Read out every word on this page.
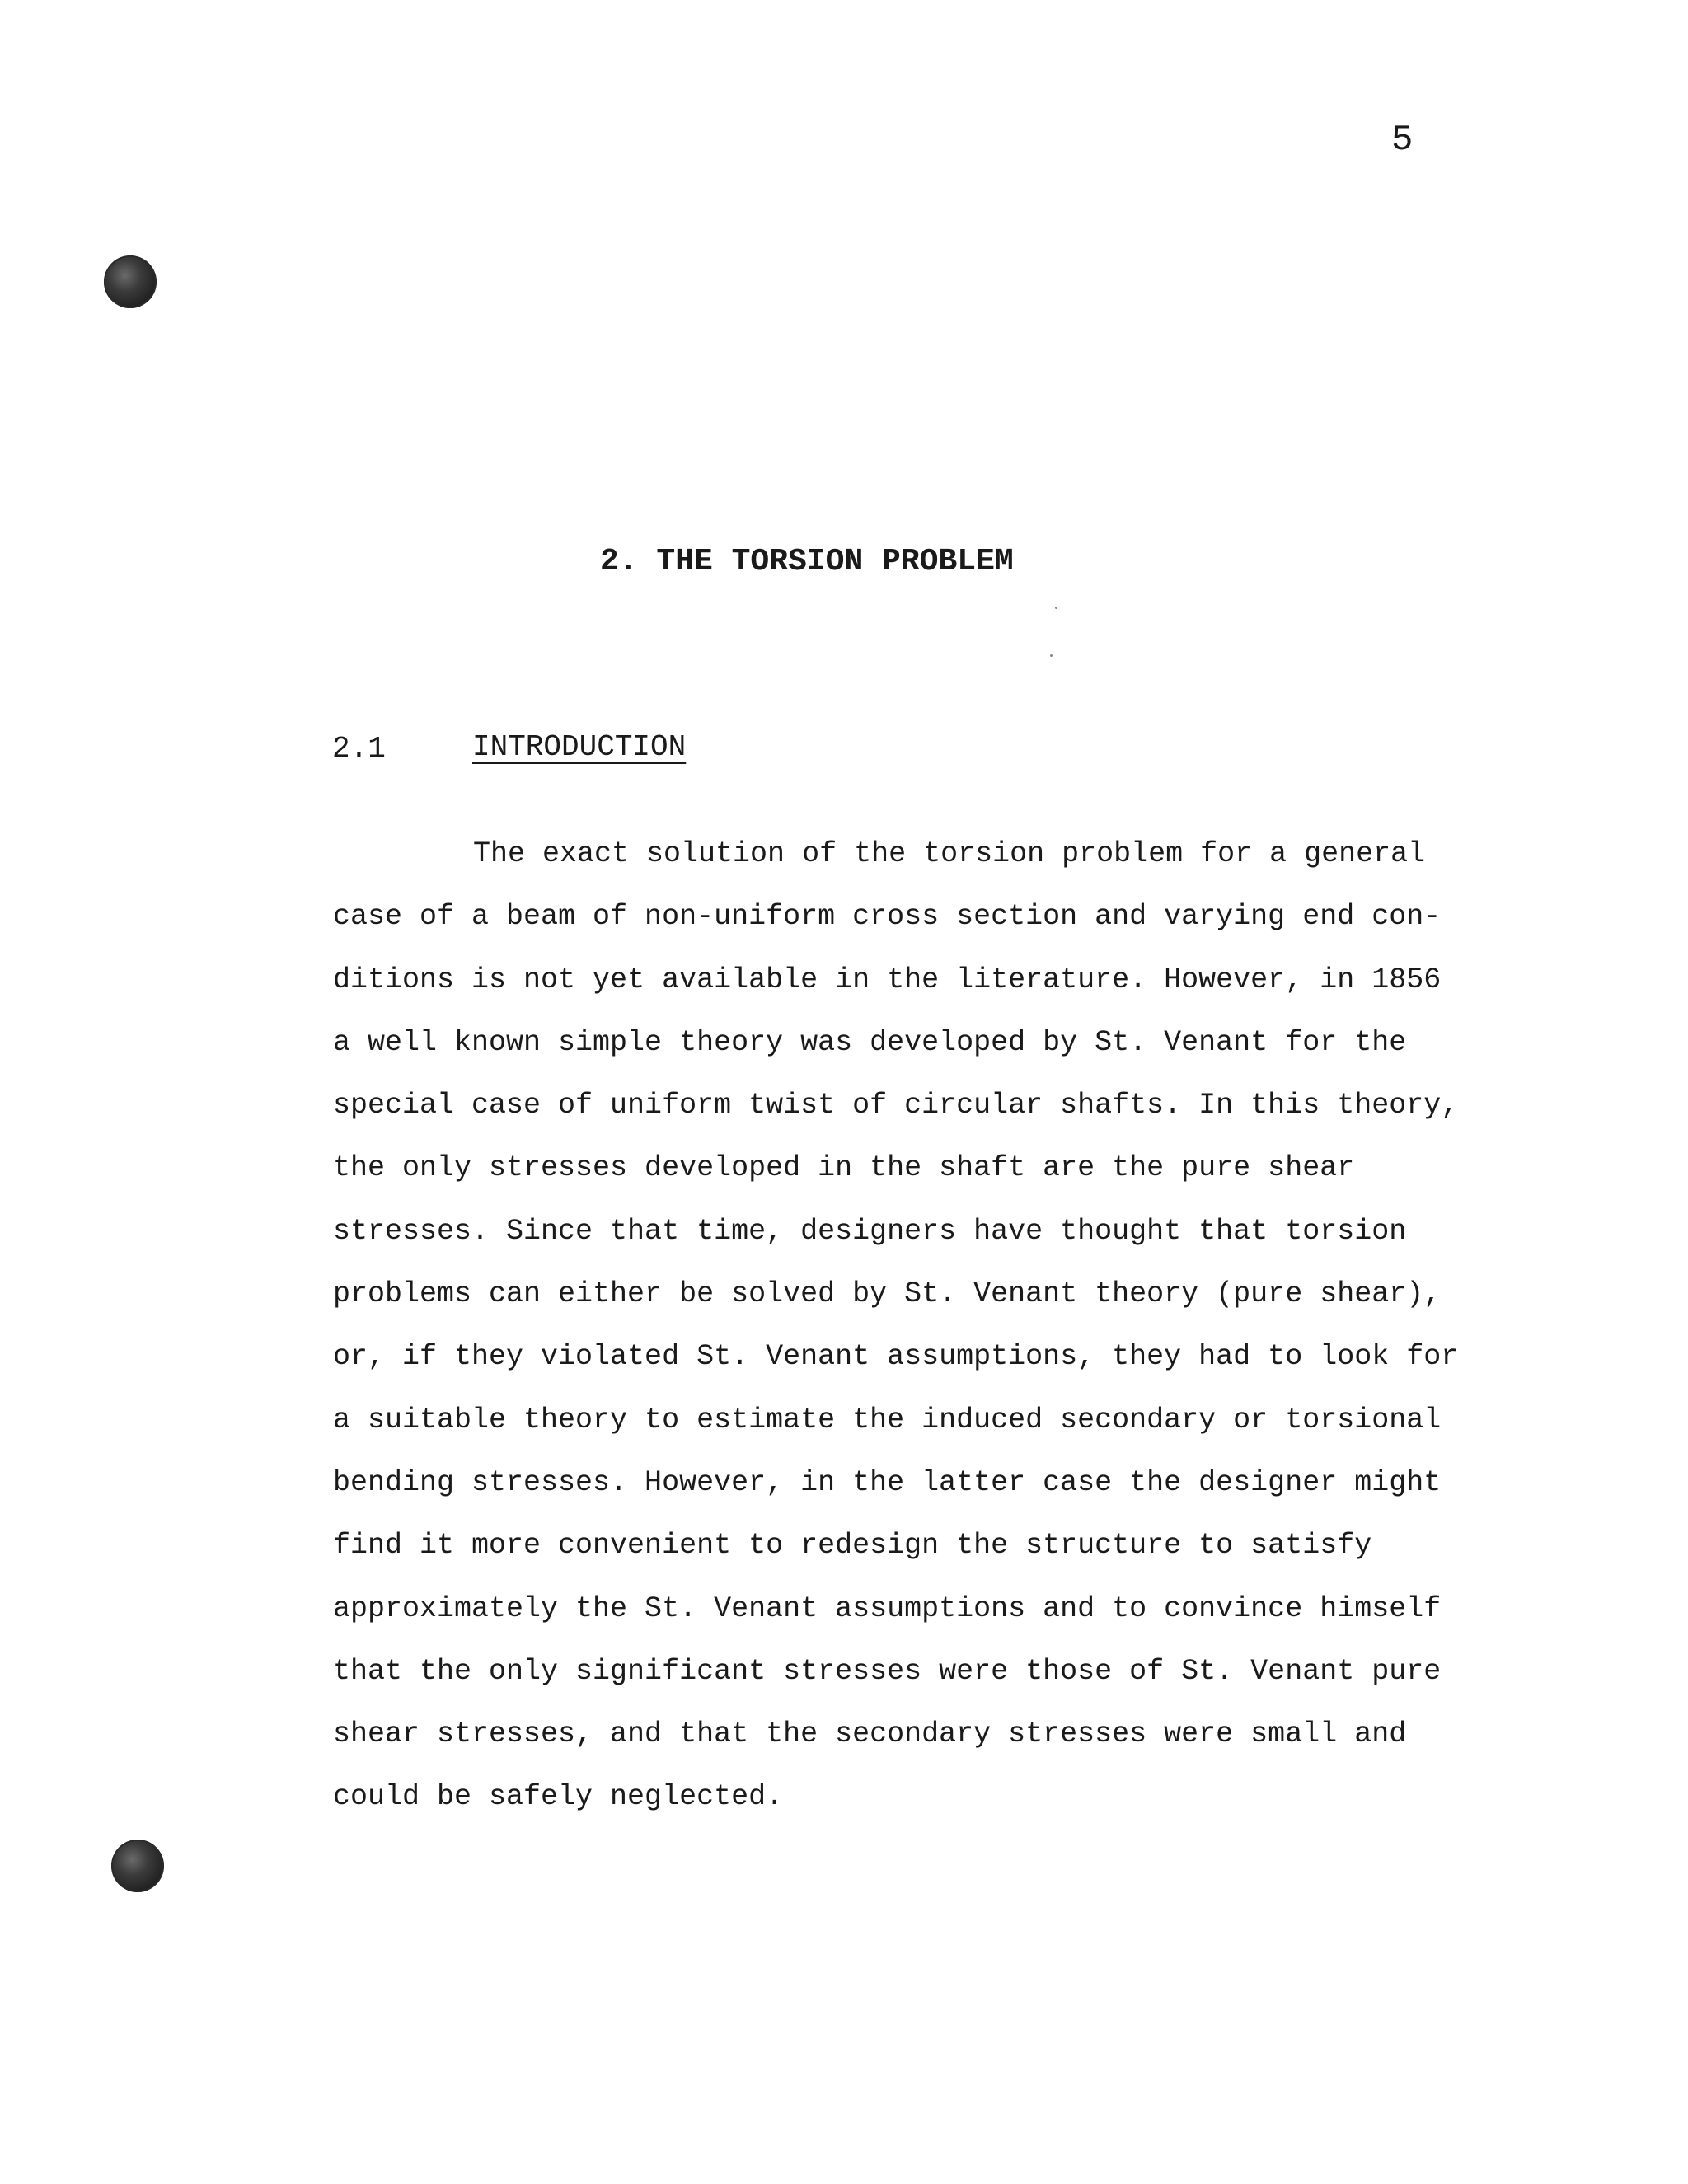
5
2. THE TORSION PROBLEM
2.1	INTRODUCTION
The exact solution of the torsion problem for a general
case of a beam of non-uniform cross section and varying end con-
ditions is not yet available in the literature. However, in 1856
a well known simple theory was developed by St. Venant for the
special case of uniform twist of circular shafts. In this theory,
the only stresses developed in the shaft are the pure shear
stresses. Since that time, designers have thought that torsion
problems can either be solved by St. Venant theory (pure shear),
or, if they violated St. Venant assumptions, they had to look for
a suitable theory to estimate the induced secondary or torsional
bending stresses. However, in the latter case the designer might
find it more convenient to redesign the structure to satisfy
approximately the St. Venant assumptions and to convince himself
that the only significant stresses were those of St. Venant pure
shear stresses, and that the secondary stresses were small and
could be safely neglected.
